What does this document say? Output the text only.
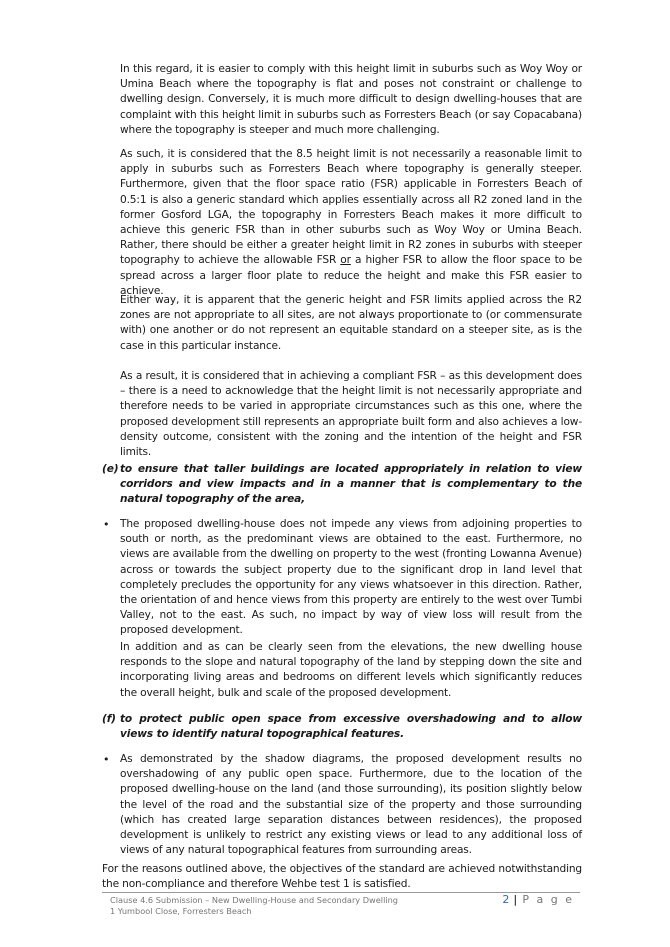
In this regard, it is easier to comply with this height limit in suburbs such as Woy Woy or Umina Beach where the topography is flat and poses not constraint or challenge to dwelling design. Conversely, it is much more difficult to design dwelling-houses that are complaint with this height limit in suburbs such as Forresters Beach (or say Copacabana) where the topography is steeper and much more challenging.

As such, it is considered that the 8.5 height limit is not necessarily a reasonable limit to apply in suburbs such as Forresters Beach where topography is generally steeper. Furthermore, given that the floor space ratio (FSR) applicable in Forresters Beach of 0.5:1 is also a generic standard which applies essentially across all R2 zoned land in the former Gosford LGA, the topography in Forresters Beach makes it more difficult to achieve this generic FSR than in other suburbs such as Woy Woy or Umina Beach. Rather, there should be either a greater height limit in R2 zones in suburbs with steeper topography to achieve the allowable FSR or a higher FSR to allow the floor space to be spread across a larger floor plate to reduce the height and make this FSR easier to achieve.

Either way, it is apparent that the generic height and FSR limits applied across the R2 zones are not appropriate to all sites, are not always proportionate to (or commensurate with) one another or do not represent an equitable standard on a steeper site, as is the case in this particular instance.

As a result, it is considered that in achieving a compliant FSR – as this development does – there is a need to acknowledge that the height limit is not necessarily appropriate and therefore needs to be varied in appropriate circumstances such as this one, where the proposed development still represents an appropriate built form and also achieves a low-density outcome, consistent with the zoning and the intention of the height and FSR limits.

(e) to ensure that taller buildings are located appropriately in relation to view corridors and view impacts and in a manner that is complementary to the natural topography of the area,
• The proposed dwelling-house does not impede any views from adjoining properties to south or north, as the predominant views are obtained to the east. Furthermore, no views are available from the dwelling on property to the west (fronting Lowanna Avenue) across or towards the subject property due to the significant drop in land level that completely precludes the opportunity for any views whatsoever in this direction. Rather, the orientation of and hence views from this property are entirely to the west over Tumbi Valley, not to the east. As such, no impact by way of view loss will result from the proposed development.

In addition and as can be clearly seen from the elevations, the new dwelling house responds to the slope and natural topography of the land by stepping down the site and incorporating living areas and bedrooms on different levels which significantly reduces the overall height, bulk and scale of the proposed development.

(f) to protect public open space from excessive overshadowing and to allow views to identify natural topographical features.
• As demonstrated by the shadow diagrams, the proposed development results no overshadowing of any public open space. Furthermore, due to the location of the proposed dwelling-house on the land (and those surrounding), its position slightly below the level of the road and the substantial size of the property and those surrounding (which has created large separation distances between residences), the proposed development is unlikely to restrict any existing views or lead to any additional loss of views of any natural topographical features from surrounding areas.

For the reasons outlined above, the objectives of the standard are achieved notwithstanding the non-compliance and therefore Wehbe test 1 is satisfied.

Clause 4.6 Submission – New Dwelling-House and Secondary Dwelling
1 Yumbool Close, Forresters Beach
2 | P a g e
